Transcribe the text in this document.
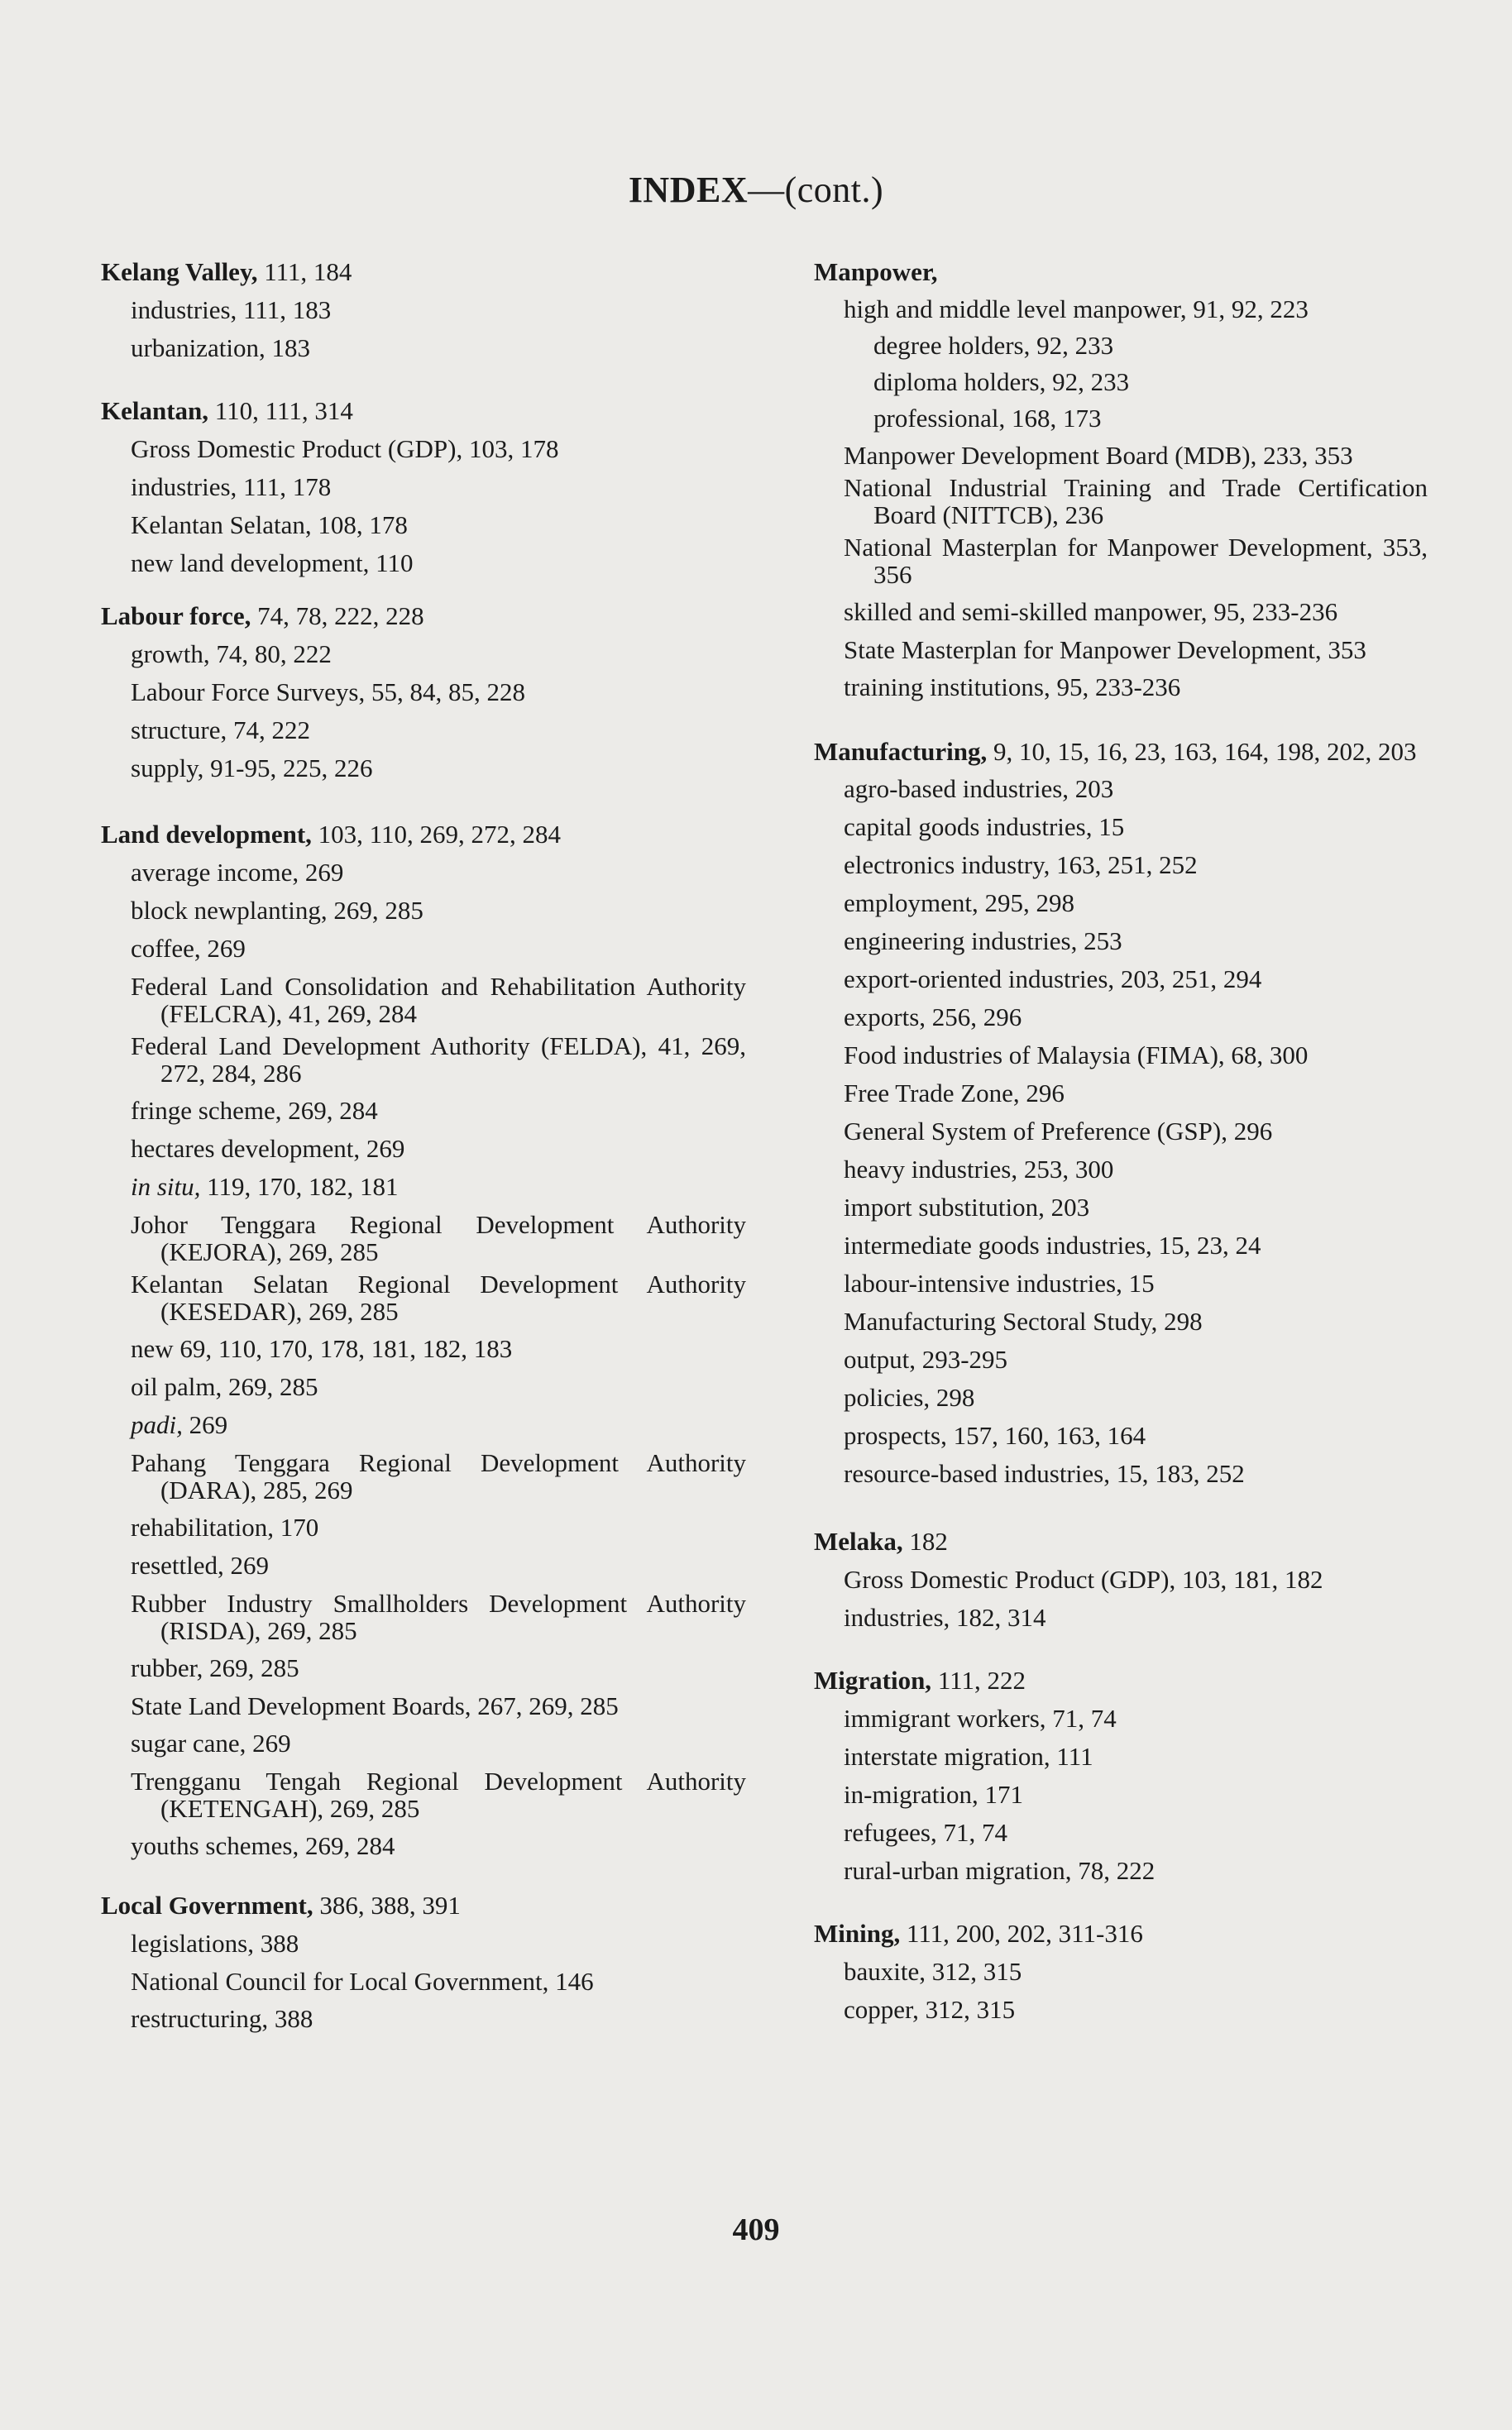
INDEX—(cont.)
Kelang Valley, 111, 184
industries, 111, 183
urbanization, 183
Kelantan, 110, 111, 314
Gross Domestic Product (GDP), 103, 178
industries, 111, 178
Kelantan Selatan, 108, 178
new land development, 110
Labour force, 74, 78, 222, 228
growth, 74, 80, 222
Labour Force Surveys, 55, 84, 85, 228
structure, 74, 222
supply, 91-95, 225, 226
Land development, 103, 110, 269, 272, 284
average income, 269
block newplanting, 269, 285
coffee, 269
Federal Land Consolidation and Rehabilitation Authority (FELCRA), 41, 269, 284
Federal Land Development Authority (FELDA), 41, 269, 272, 284, 286
fringe scheme, 269, 284
hectares development, 269
in situ, 119, 170, 182, 181
Johor Tenggara Regional Development Authority (KEJORA), 269, 285
Kelantan Selatan Regional Development Authority (KESEDAR), 269, 285
new 69, 110, 170, 178, 181, 182, 183
oil palm, 269, 285
padi, 269
Pahang Tenggara Regional Development Authority (DARA), 285, 269
rehabilitation, 170
resettled, 269
Rubber Industry Smallholders Development Authority (RISDA), 269, 285
rubber, 269, 285
State Land Development Boards, 267, 269, 285
sugar cane, 269
Trengganu Tengah Regional Development Authority (KETENGAH), 269, 285
youths schemes, 269, 284
Local Government, 386, 388, 391
legislations, 388
National Council for Local Government, 146
restructuring, 388
Manpower,
high and middle level manpower, 91, 92, 223
degree holders, 92, 233
diploma holders, 92, 233
professional, 168, 173
Manpower Development Board (MDB), 233, 353
National Industrial Training and Trade Certification Board (NITTCB), 236
National Masterplan for Manpower Development, 353, 356
skilled and semi-skilled manpower, 95, 233-236
State Masterplan for Manpower Development, 353
training institutions, 95, 233-236
Manufacturing, 9, 10, 15, 16, 23, 163, 164, 198, 202, 203
agro-based industries, 203
capital goods industries, 15
electronics industry, 163, 251, 252
employment, 295, 298
engineering industries, 253
export-oriented industries, 203, 251, 294
exports, 256, 296
Food industries of Malaysia (FIMA), 68, 300
Free Trade Zone, 296
General System of Preference (GSP), 296
heavy industries, 253, 300
import substitution, 203
intermediate goods industries, 15, 23, 24
labour-intensive industries, 15
Manufacturing Sectoral Study, 298
output, 293-295
policies, 298
prospects, 157, 160, 163, 164
resource-based industries, 15, 183, 252
Melaka, 182
Gross Domestic Product (GDP), 103, 181, 182
industries, 182, 314
Migration, 111, 222
immigrant workers, 71, 74
interstate migration, 111
in-migration, 171
refugees, 71, 74
rural-urban migration, 78, 222
Mining, 111, 200, 202, 311-316
bauxite, 312, 315
copper, 312, 315
409
